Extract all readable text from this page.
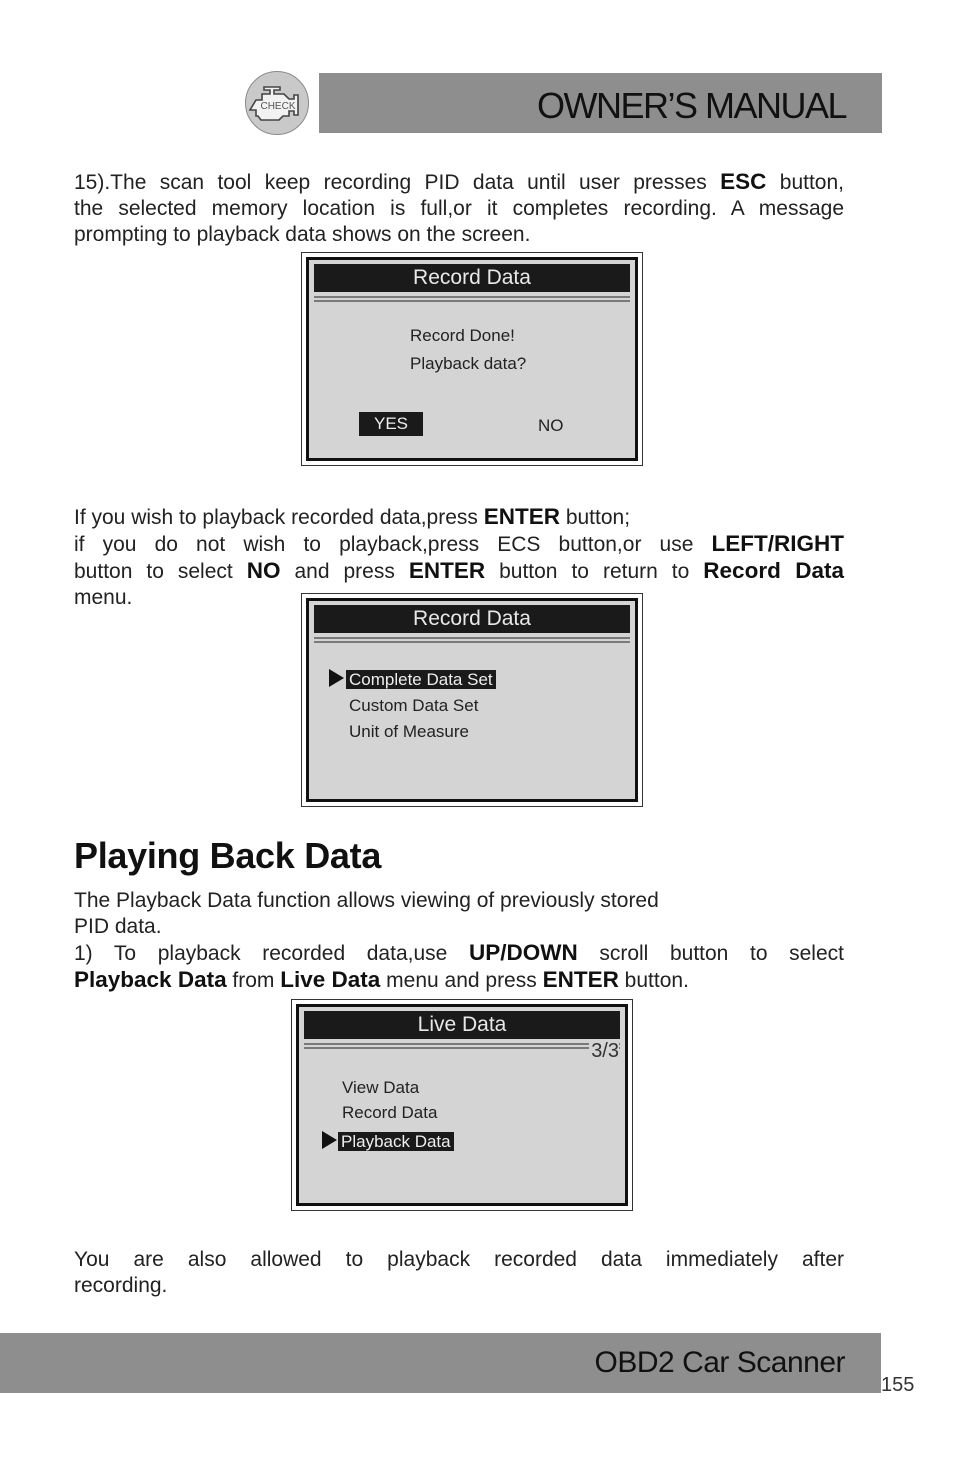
CHECK	OWNER’S MANUAL
15).The scan tool keep recording PID data until user presses ESC button,
the selected memory location is full,or it completes recording. A message
prompting to playback data shows on the screen.
Record Data
Record Done!
Playback data?
YES	NO
If you wish to playback recorded data,press ENTER button;
if you do not wish to playback,press ECS button,or use LEFT/RIGHT
button to select NO and press ENTER button to return to Record Data
menu.
Record Data
Complete Data Set
Custom Data Set
Unit of Measure
Playing Back Data
The Playback Data function allows viewing of previously stored
PID data.
1) To playback recorded data,use UP/DOWN scroll button to select
Playback Data from Live Data menu and press ENTER button.
Live Data
3/3
View Data
Record Data
Playback Data
You are also allowed to playback recorded data immediately after
recording.
OBD2 Car Scanner
155
